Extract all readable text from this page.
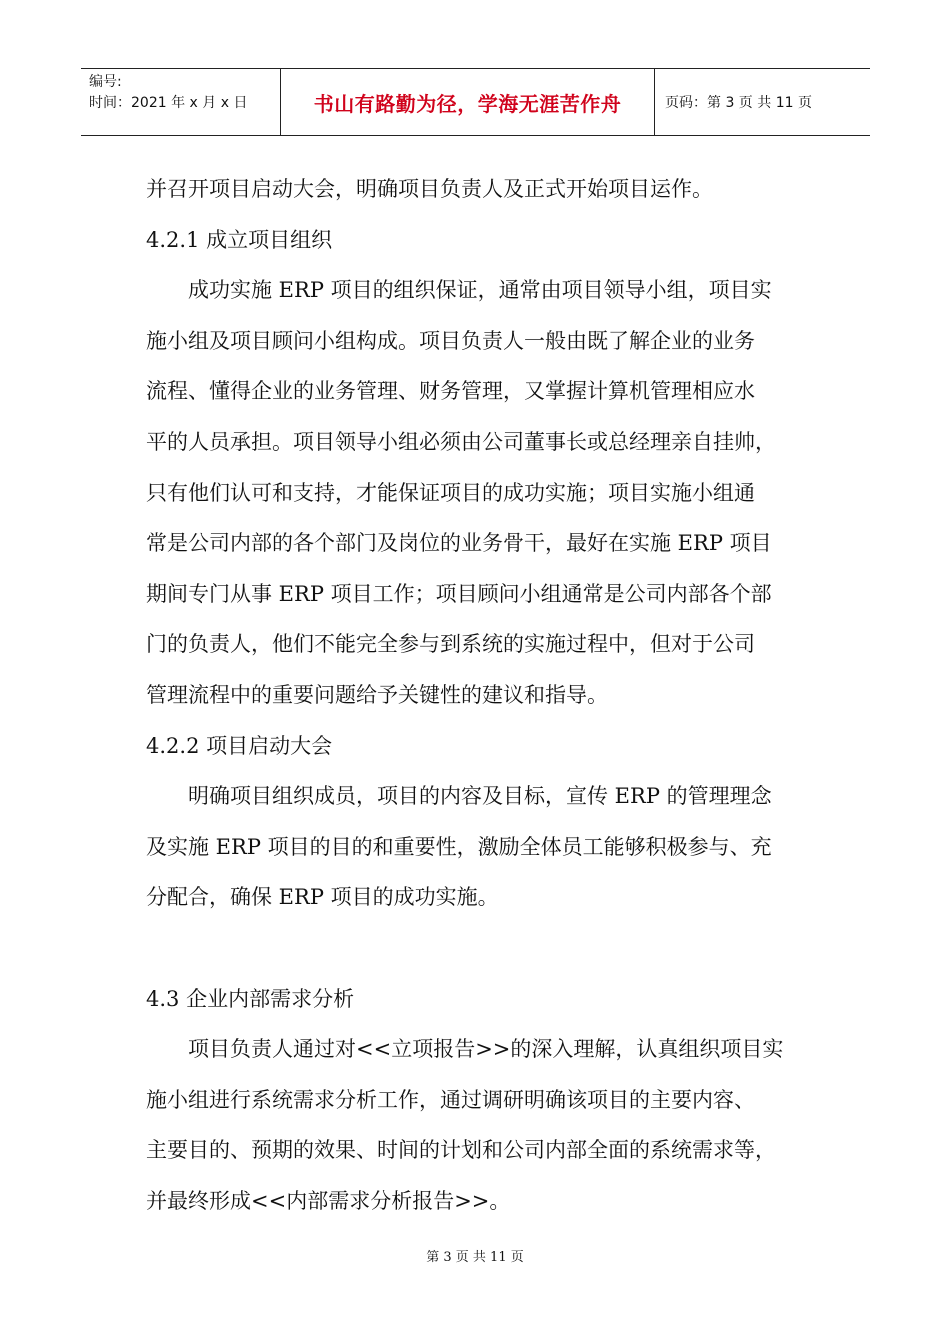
编号:
时间：2021 年 x 月 x 日	书山有路勤为径，学海无涯苦作舟	页码：第 3 页 共 11 页
并召开项目启动大会，明确项目负责人及正式开始项目运作。
4.2.1 成立项目组织
成功实施 ERP 项目的组织保证，通常由项目领导小组，项目实
施小组及项目顾问小组构成。项目负责人一般由既了解企业的业务
流程、懂得企业的业务管理、财务管理，又掌握计算机管理相应水
平的人员承担。项目领导小组必须由公司董事长或总经理亲自挂帅，
只有他们认可和支持，才能保证项目的成功实施；项目实施小组通
常是公司内部的各个部门及岗位的业务骨干，最好在实施 ERP 项目
期间专门从事 ERP 项目工作；项目顾问小组通常是公司内部各个部
门的负责人，他们不能完全参与到系统的实施过程中，但对于公司
管理流程中的重要问题给予关键性的建议和指导。
4.2.2 项目启动大会
明确项目组织成员，项目的内容及目标，宣传 ERP 的管理理念
及实施 ERP 项目的目的和重要性，激励全体员工能够积极参与、充
分配合，确保 ERP 项目的成功实施。
4.3 企业内部需求分析
项目负责人通过对<<立项报告>>的深入理解，认真组织项目实
施小组进行系统需求分析工作，通过调研明确该项目的主要内容、
主要目的、预期的效果、时间的计划和公司内部全面的系统需求等，
并最终形成<<内部需求分析报告>>。
第 3 页 共 11 页
